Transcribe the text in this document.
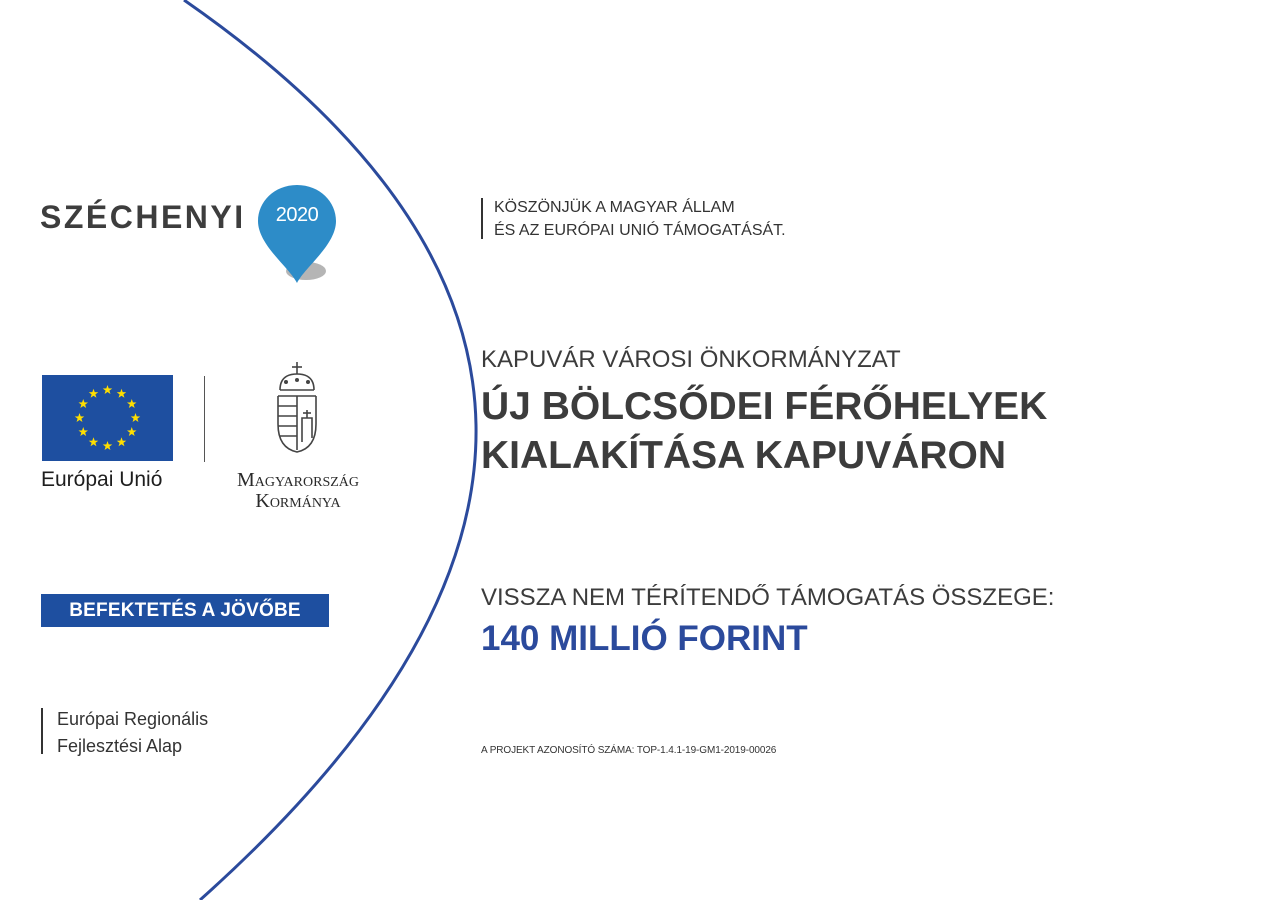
SZÉCHENYI	2020
Európai Unió	Magyarország
Kormánya
BEFEKTETÉS A JÖVŐBE
Európai Regionális
Fejlesztési Alap
KÖSZÖNJÜK A MAGYAR ÁLLAM
ÉS AZ EURÓPAI UNIÓ TÁMOGATÁSÁT.
KAPUVÁR VÁROSI ÖNKORMÁNYZAT
ÚJ BÖLCSŐDEI FÉRŐHELYEK
KIALAKÍTÁSA KAPUVÁRON
VISSZA NEM TÉRÍTENDŐ TÁMOGATÁS ÖSSZEGE:
140 MILLIÓ FORINT
A PROJEKT AZONOSÍTÓ SZÁMA: TOP-1.4.1-19-GM1-2019-00026
